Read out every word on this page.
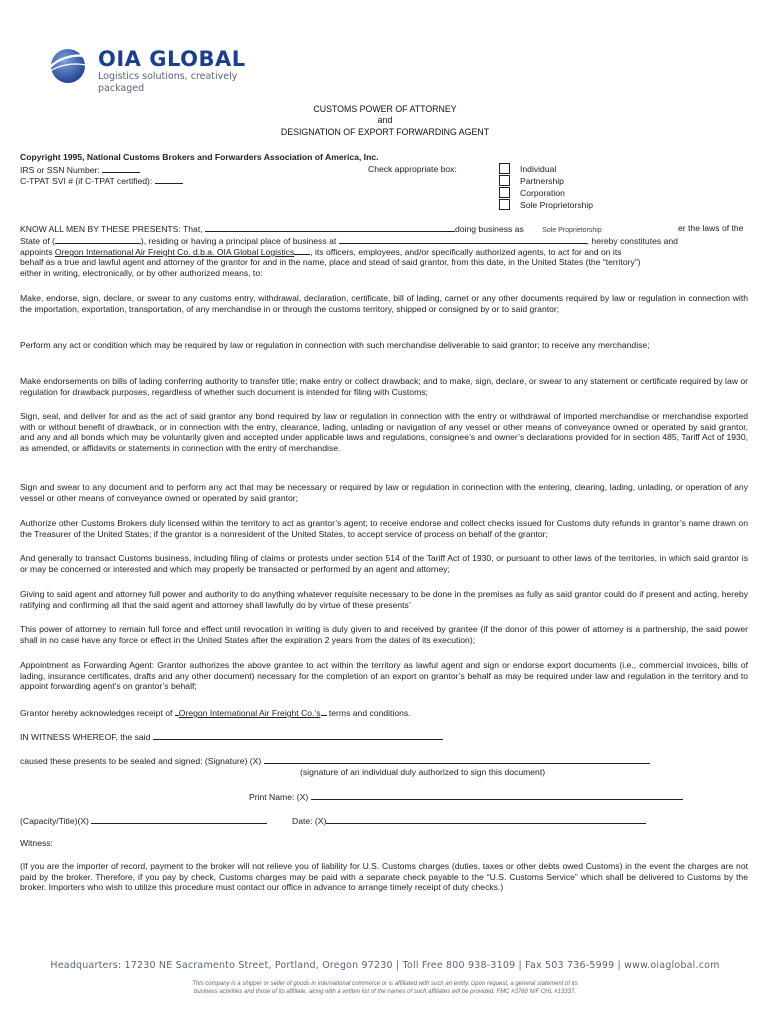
OIA GLOBAL
Logistics solutions, creatively packaged
CUSTOMS POWER OF ATTORNEY
and
DESIGNATION OF EXPORT FORWARDING AGENT
Copyright 1995, National Customs Brokers and Forwarders Association of America, Inc.
IRS or SSN Number:
C-TPAT SVI # (if C-TPAT certified):
Check appropriate box:	Individual
Partnership
Corporation
Sole Proprietorship
KNOW ALL MEN BY THESE PRESENTS: That,	doing business as	Sole Proprietorship	er the laws of the
State of (	), residing or having a principal place of business at	, hereby constitutes and
appoints Oregon International Air Freight Co. d.b.a. OIA Global Logistics , its officers, employees, and/or specifically authorized agents, to act for and on its
behalf as a true and lawful agent and attorney of the grantor for and in the name, place and stead of said grantor, from this date, in the United States (the “territory”)
either in writing, electronically, or by other authorized means, to:
Make, endorse, sign, declare, or swear to any customs entry, withdrawal, declaration, certificate, bill of lading, carnet or any other documents required by law or regulation in connection with the importation, exportation, transportation, of any merchandise in or through the customs territory, shipped or consigned by or to said grantor;
Perform any act or condition which may be required by law or regulation in connection with such merchandise deliverable to said grantor; to receive any merchandise;
Make endorsements on bills of lading conferring authority to transfer title; make entry or collect drawback; and to make, sign, declare, or swear to any statement or certificate required by law or regulation for drawback purposes, regardless of whether such document is intended for filing with Customs;
Sign, seal, and deliver for and as the act of said grantor any bond required by law or regulation in connection with the entry or withdrawal of imported merchandise or merchandise exported with or without benefit of drawback, or in connection with the entry, clearance, lading, unlading or navigation of any vessel or other means of conveyance owned or operated by said grantor, and any and all bonds which may be voluntarily given and accepted under applicable laws and regulations, consignee’s and owner’s declarations provided for in section 485, Tariff Act of 1930, as amended, or affidavits or statements in connection with the entry of merchandise.
Sign and swear to any document and to perform any act that may be necessary or required by law or regulation in connection with the entering, clearing, lading, unlading, or operation of any vessel or other means of conveyance owned or operated by said grantor;
Authorize other Customs Brokers duly licensed within the territory to act as grantor’s agent; to receive endorse and collect checks issued for Customs duty refunds in grantor’s name drawn on the Treasurer of the United States; if the grantor is a nonresident of the United States, to accept service of process on behalf of the grantor;
And generally to transact Customs business, including filing of claims or protests under section 514 of the Tariff Act of 1930, or pursuant to other laws of the territories, in which said grantor is or may be concerned or interested and which may properly be transacted or performed by an agent and attorney;
Giving to said agent and attorney full power and authority to do anything whatever requisite necessary to be done in the premises as fully as said grantor could do if present and acting, hereby ratifying and confirming all that the said agent and attorney shall lawfully do by virtue of these presents’
This power of attorney to remain full force and effect until revocation in writing is duly given to and received by grantee (if the donor of this power of attorney is a partnership, the said power shall in no case have any force or effect in the United States after the expiration 2 years from the dates of its execution);
Appointment as Forwarding Agent: Grantor authorizes the above grantee to act within the territory as lawful agent and sign or endorse export documents (i.e., commercial invoices, bills of lading, insurance certificates, drafts and any other document) necessary for the completion of an export on grantor’s behalf as may be required under law and regulation in the territory and to appoint forwarding agent’s on grantor’s behalf;
Grantor hereby acknowledges receipt of Oregon International Air Freight Co.’s terms and conditions.
IN WITNESS WHEREOF, the said
caused these presents to be sealed and signed: (Signature) (X)
(signature of an individual duly authorized to sign this document)
Print Name: (X)
(Capacity/Title)(X)	Date: (X)
Witness:
(If you are the importer of record, payment to the broker will not relieve you of liability for U.S. Customs charges (duties, taxes or other debts owed Customs) in the event the charges are not paid by the broker. Therefore, if you pay by check, Customs charges may be paid with a separate check payable to the “U.S. Customs Service” which shall be delivered to Customs by the broker. Importers who wish to utilize this procedure must contact our office in advance to arrange timely receipt of duty checks.)
Headquarters: 17230 NE Sacramento Street, Portland, Oregon 97230 | Toll Free 800 938-3109 | Fax 503 736-5999 | www.oiaglobal.com
This company is a shipper or seller of goods in international commerce or is affiliated with such an entity. Upon request, a general statement of its
business activities and those of its affiliate, along with a written list of the names of such affiliates will be provided. FMC #3760 N/F CHL #13337.
